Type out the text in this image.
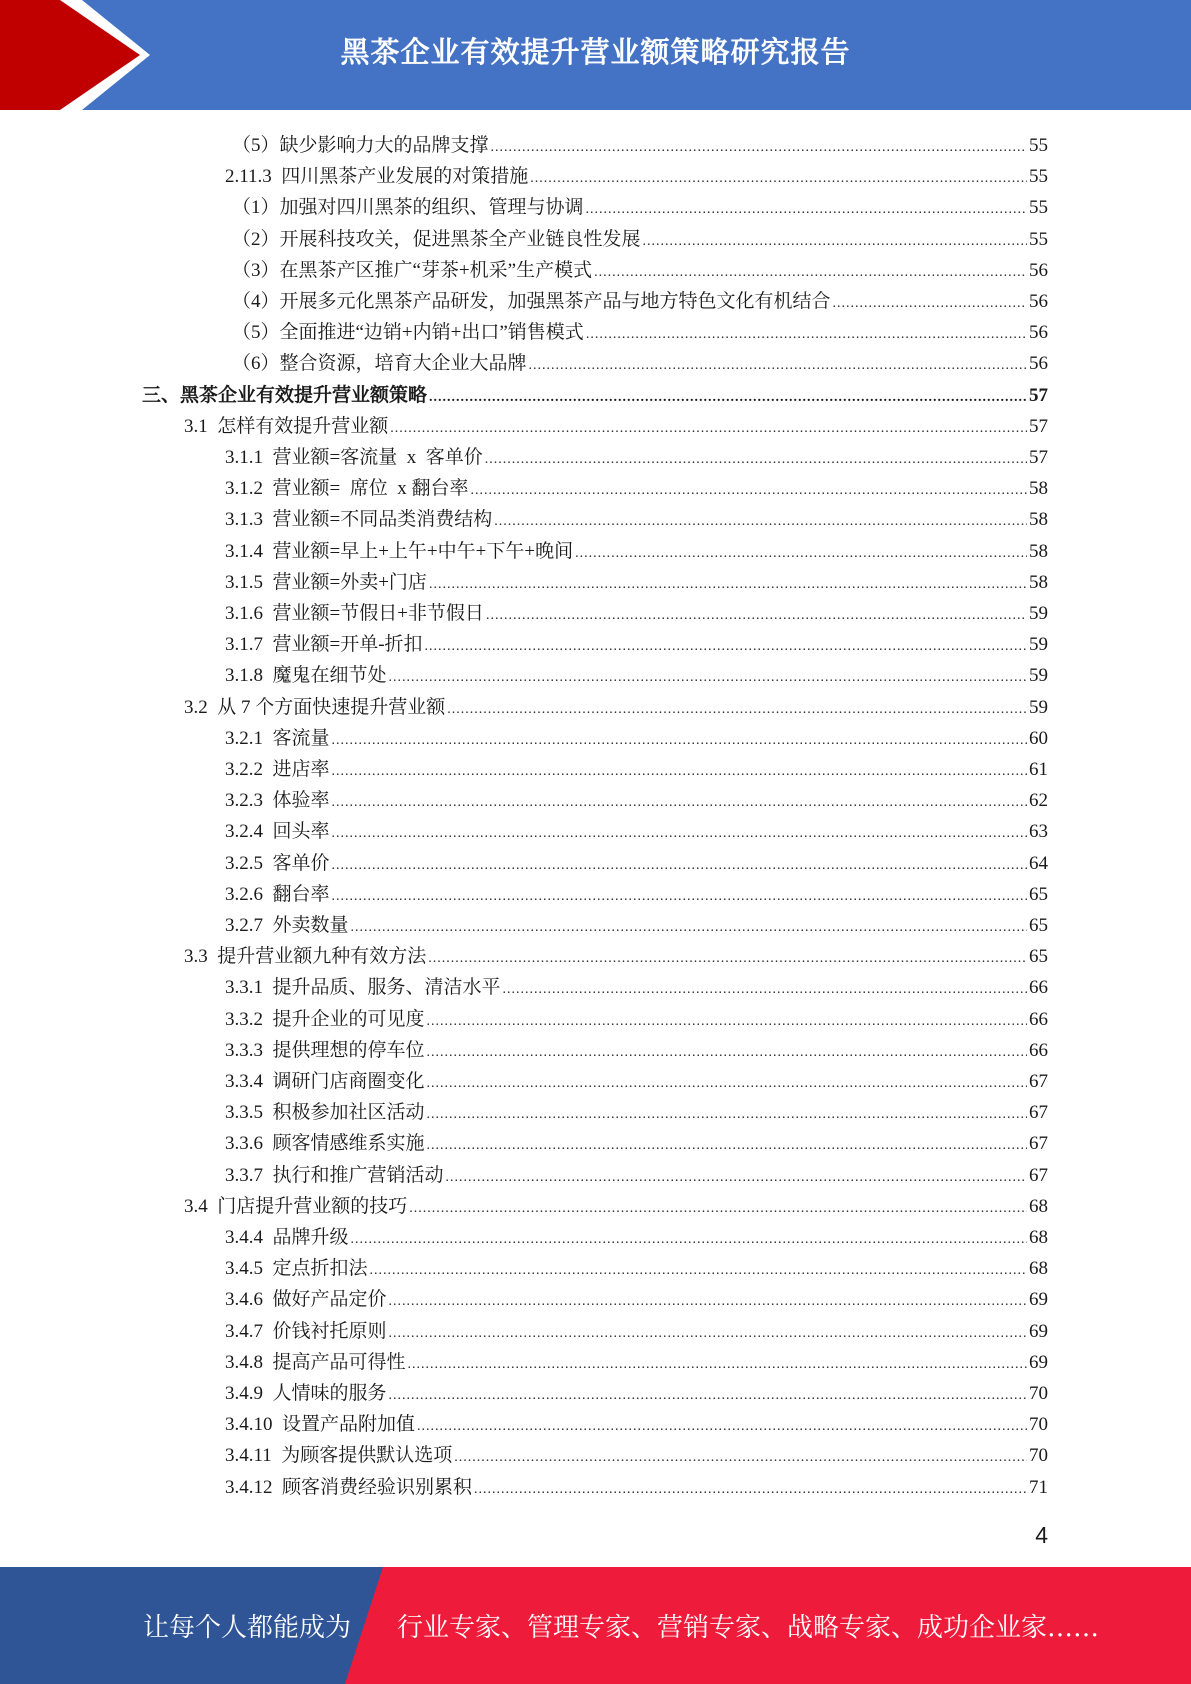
黑茶企业有效提升营业额策略研究报告
（5）缺少影响力大的品牌支撑 .....	55
2.11.3  四川黑茶产业发展的对策措施 .....	55
（1）加强对四川黑茶的组织、管理与协调 .....	55
（2）开展科技攻关，促进黑茶全产业链良性发展 .....	55
（3）在黑茶产区推广“芽茶+机采”生产模式 .....	56
（4）开展多元化黑茶产品研发，加强黑茶产品与地方特色文化有机结合 .....	56
（5）全面推进“边销+内销+出口”销售模式 .....	56
（6）整合资源，培育大企业大品牌 .....	56
三、黑茶企业有效提升营业额策略 .....	57
3.1  怎样有效提升营业额 .....	57
3.1.1  营业额=客流量  x  客单价 .....	57
3.1.2  营业额=  席位  x 翻台率 .....	58
3.1.3  营业额=不同品类消费结构 .....	58
3.1.4  营业额=早上+上午+中午+下午+晚间 .....	58
3.1.5  营业额=外卖+门店 .....	58
3.1.6  营业额=节假日+非节假日 .....	59
3.1.7  营业额=开单-折扣 .....	59
3.1.8  魔鬼在细节处 .....	59
3.2  从 7 个方面快速提升营业额 .....	59
3.2.1  客流量 .....	60
3.2.2  进店率 .....	61
3.2.3  体验率 .....	62
3.2.4  回头率 .....	63
3.2.5  客单价 .....	64
3.2.6  翻台率 .....	65
3.2.7  外卖数量 .....	65
3.3  提升营业额九种有效方法 .....	65
3.3.1  提升品质、服务、清洁水平 .....	66
3.3.2  提升企业的可见度 .....	66
3.3.3  提供理想的停车位 .....	66
3.3.4  调研门店商圈变化 .....	67
3.3.5  积极参加社区活动 .....	67
3.3.6  顾客情感维系实施 .....	67
3.3.7  执行和推广营销活动 .....	67
3.4  门店提升营业额的技巧 .....	68
3.4.4  品牌升级 .....	68
3.4.5  定点折扣法 .....	68
3.4.6  做好产品定价 .....	69
3.4.7  价钱衬托原则 .....	69
3.4.8  提高产品可得性 .....	69
3.4.9  人情味的服务 .....	70
3.4.10  设置产品附加值 .....	70
3.4.11  为顾客提供默认选项 .....	70
3.4.12  顾客消费经验识别累积 .....	71
4
让每个人都能成为 行业专家、管理专家、营销专家、战略专家、成功企业家……
